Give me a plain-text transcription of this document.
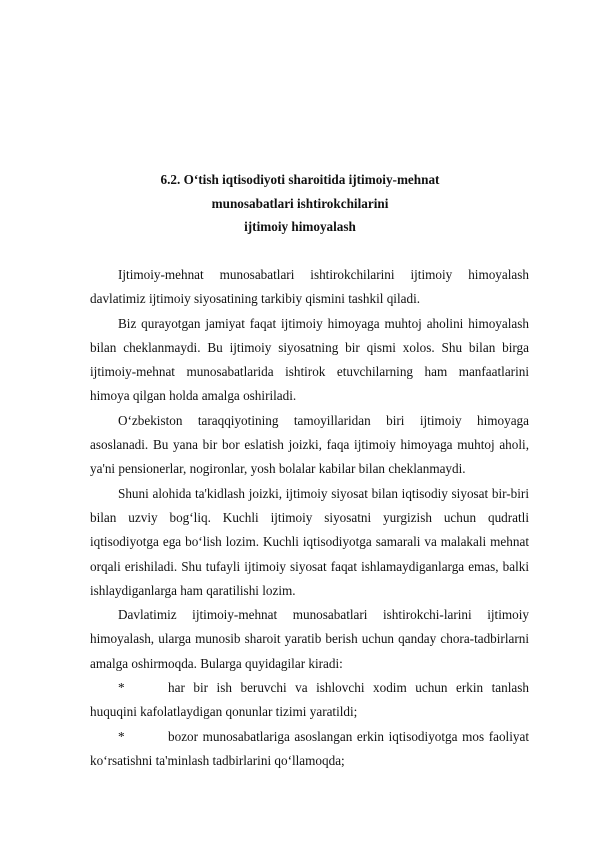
6.2. O‘tish iqtisodiyoti sharoitida ijtimoiy-mehnat
munosabatlari ishtirokchilarini
ijtimoiy himoyalash

Ijtimoiy-mehnat munosabatlari ishtirokchilarini ijtimoiy himoyalash davlatimiz ijtimoiy siyosatining tarkibiy qismini tashkil qiladi.

Biz qurayotgan jamiyat faqat ijtimoiy himoyaga muhtoj aholini himoyalash bilan cheklanmaydi. Bu ijtimoiy siyosatning bir qismi xolos. Shu bilan birga ijtimoiy-mehnat munosabatlarida ishtirok etuvchilarning ham manfaatlarini himoya qilgan holda amalga oshiriladi.

O‘zbekiston taraqqiyotining tamoyillaridan biri ijtimoiy himoyaga asoslanadi. Bu yana bir bor eslatish joizki, faqa ijtimoiy himoyaga muhtoj aholi, ya'ni pensionerlar, nogironlar, yosh bolalar kabilar bilan cheklanmaydi.

Shuni alohida ta'kidlash joizki, ijtimoiy siyosat bilan iqtisodiy siyosat bir-biri bilan uzviy bog‘liq. Kuchli ijtimoiy siyosatni yurgizish uchun qudratli iqtisodiyotga ega bo‘lish lozim. Kuchli iqtisodiyotga samarali va malakali mehnat orqali erishiladi. Shu tufayli ijtimoiy siyosat faqat ishlamaydiganlarga emas, balki ishlaydiganlarga ham qaratilishi lozim.

Davlatimiz ijtimoiy-mehnat munosabatlari ishtirokchi-larini ijtimoiy himoyalash, ularga munosib sharoit yaratib berish uchun qanday chora-tadbirlarni amalga oshirmoqda. Bularga quyidagilar kiradi:

*	har bir ish beruvchi va ishlovchi xodim uchun erkin tanlash huquqini kafolatlaydigan qonunlar tizimi yaratildi;

*	bozor munosabatlariga asoslangan erkin iqtisodiyotga mos faoliyat ko‘rsatishni ta'minlash tadbirlarini qo‘llamoqda;
